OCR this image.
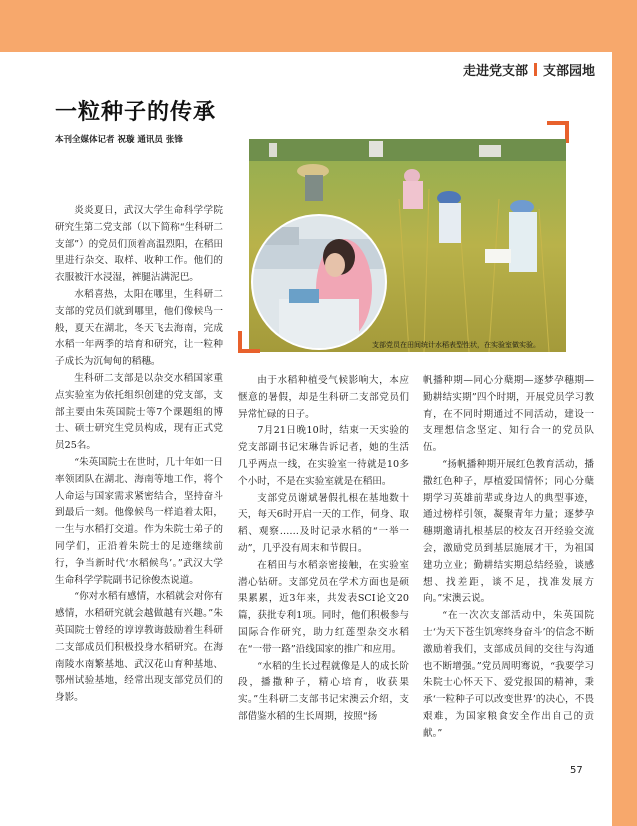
走进党支部 支部园地
一粒种子的传承
本刊全媒体记者 祝璇 通讯员 张锋
支部党员在田间统计水稻表型性状，在实验室做实验。

炎炎夏日，武汉大学生命科学学院研究生第二党支部（以下简称“生科研二支部”）的党员们顶着高温烈阳，在稻田里进行杂交、取样、收种工作。他们的衣服被汗水浸湿，裤腿沾满泥巴。

水稻喜热，太阳在哪里，生科研二支部的党员们就到哪里，他们像候鸟一般，夏天在湖北，冬天飞去海南，完成水稻一年两季的培育和研究，让一粒种子成长为沉甸甸的稻穗。

生科研二支部是以杂交水稻国家重点实验室为依托组织创建的党支部，支部主要由朱英国院士等7个课题组的博士、硕士研究生党员构成，现有正式党员25名。

“朱英国院士在世时，几十年如一日率领团队在湖北、海南等地工作，将个人命运与国家需求紧密结合，坚持奋斗到最后一刻。他像候鸟一样追着太阳，一生与水稻打交道。作为朱院士弟子的同学们，正沿着朱院士的足迹继续前行，争当新时代‘水稻候鸟’。”武汉大学生命科学学院副书记徐俊杰说道。

“你对水稻有感情，水稻就会对你有感情，水稻研究就会越做越有兴趣。”朱英国院士曾经的谆谆教诲鼓励着生科研二支部成员们积极投身水稻研究。在海南陵水南繁基地、武汉花山育种基地、鄂州试验基地，经常出现支部党员们的身影。

由于水稻种植受气候影响大，本应惬意的暑假，却是生科研二支部党员们异常忙碌的日子。

7月21日晚10时，结束一天实验的党支部副书记宋琳告诉记者，她的生活几乎两点一线，在实验室一待就是10多个小时，不是在实验室就是在稻田。

支部党员谢斌暑假扎根在基地数十天，每天6时开启一天的工作，伺身、取稻、观察……及时记录水稻的“一举一动”，几乎没有周末和节假日。

在稻田与水稻亲密接触，在实验室潜心钻研。支部党员在学术方面也是硕果累累，近3年来，共发表SCI论文20篇，获批专利1项。同时，他们积极参与国际合作研究，助力红莲型杂交水稻在“一带一路”沿线国家的推广和应用。

“水稻的生长过程就像是人的成长阶段，播撒种子，精心培育，收获果实。”生科研二支部书记宋澳云介绍，支部借鉴水稻的生长周期，按照“扬

帆播种期—同心分蘖期—逐梦孕穗期—勤耕结实期”四个时期，开展党员学习教育，在不同时期通过不同活动，建设一支理想信念坚定、知行合一的党员队伍。

“扬帆播种期开展红色教育活动，播撒红色种子，厚植爱国情怀；同心分蘖期学习英雄前辈或身边人的典型事迹，通过榜样引领，凝聚青年力量；逐梦孕穗期邀请扎根基层的校友召开经验交流会，激励党员到基层施展才干，为祖国建功立业；勤耕结实期总结经验，谈感想、找差距，谈不足，找准发展方向。”宋澳云说。

“在一次次支部活动中，朱英国院士‘为天下苍生饥寒终身奋斗’的信念不断激励着我们，支部成员间的交往与沟通也不断增强。”党员周明骞说，“我要学习朱院士心怀天下、爱党报国的精神，秉承‘一粒种子可以改变世界’的决心，不畏艰难，为国家粮食安全作出自己的贡献。”

57
